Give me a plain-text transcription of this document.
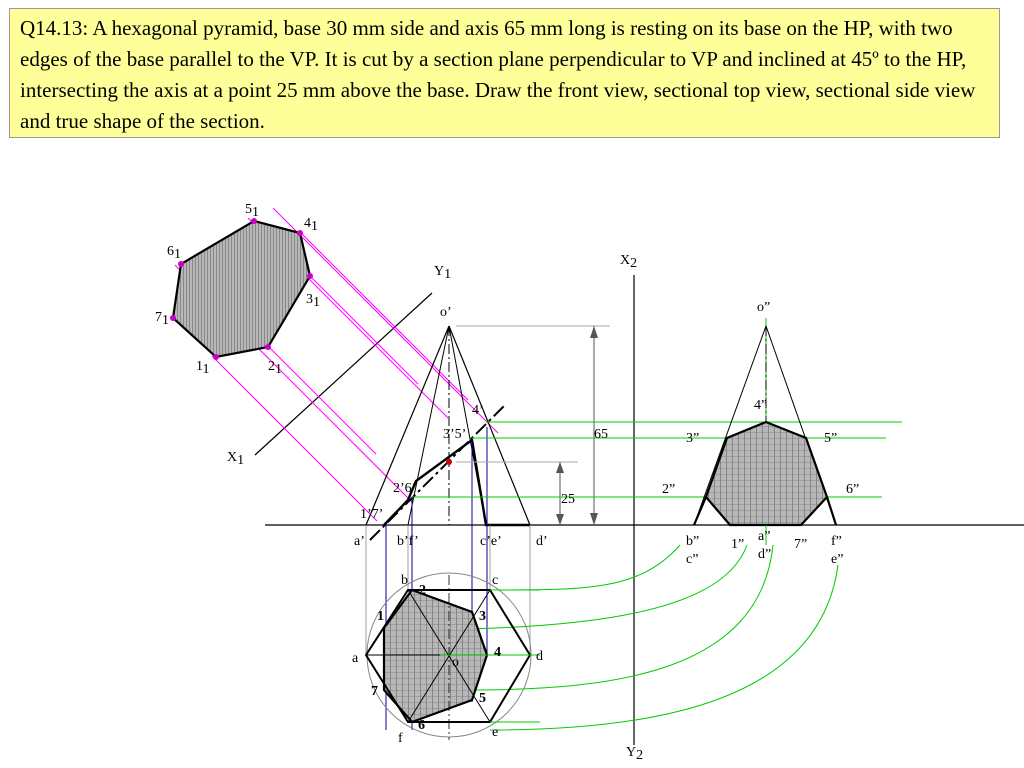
Q14.13: A hexagonal pyramid, base 30 mm side and axis 65 mm long is resting on its base on the HP, with two edges of the base parallel to the VP. It is cut by a section plane perpendicular to VP and inclined at 45º to the HP, intersecting the axis at a point 25 mm above the base. Draw the front view, sectional top view, sectional side view and true shape of the section.
X1
Y1
X2
Y2
51
41
61
31
71
11	21
o’
a’ b’f’	c’e’ d’
1’7’
2’6’
3’5’
4’
65
25
o”
4”
3”	5”
2”	6”
b”
c”
1”
a”
d”
7” f”
e”
b	c
a	d
o
f	e
1
2
3
4
5
6
7
